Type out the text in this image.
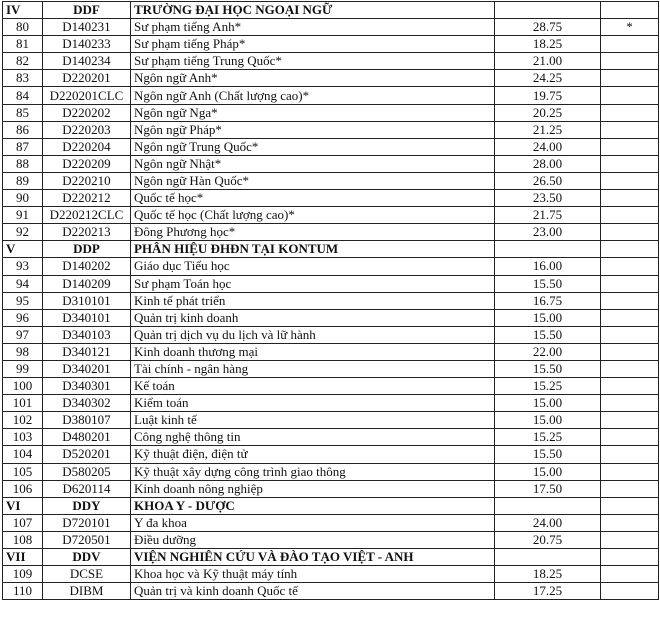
IV	DDF	TRƯỜNG ĐẠI HỌC NGOẠI NGỮ		
80	D140231	Sư phạm tiếng Anh*	28.75	*
81	D140233	Sư phạm tiếng Pháp*	18.25	
82	D140234	Sư phạm tiếng Trung Quốc*	21.00	
83	D220201	Ngôn ngữ Anh*	24.25	
84	D220201CLC	Ngôn ngữ Anh (Chất lượng cao)*	19.75	
85	D220202	Ngôn ngữ Nga*	20.25	
86	D220203	Ngôn ngữ Pháp*	21.25	
87	D220204	Ngôn ngữ Trung Quốc*	24.00	
88	D220209	Ngôn ngữ Nhật*	28.00	
89	D220210	Ngôn ngữ Hàn Quốc*	26.50	
90	D220212	Quốc tế học*	23.50	
91	D220212CLC	Quốc tế học (Chất lượng cao)*	21.75	
92	D220213	Đông Phương học*	23.00	
V	DDP	PHÂN HIỆU ĐHĐN TẠI KONTUM		
93	D140202	Giáo dục Tiểu học	16.00	
94	D140209	Sư phạm Toán học	15.50	
95	D310101	Kinh tế phát triển	16.75	
96	D340101	Quản trị kinh doanh	15.00	
97	D340103	Quản trị dịch vụ du lịch và lữ hành	15.50	
98	D340121	Kinh doanh thương mại	22.00	
99	D340201	Tài chính - ngân hàng	15.50	
100	D340301	Kế toán	15.25	
101	D340302	Kiểm toán	15.00	
102	D380107	Luật kinh tế	15.00	
103	D480201	Công nghệ thông tin	15.25	
104	D520201	Kỹ thuật điện, điện tử	15.50	
105	D580205	Kỹ thuật xây dựng công trình giao thông	15.00	
106	D620114	Kinh doanh nông nghiệp	17.50	
VI	DDY	KHOA Y - DƯỢC		
107	D720101	Y đa khoa	24.00	
108	D720501	Điều dưỡng	20.75	
VII	DDV	VIỆN NGHIÊN CỨU VÀ ĐÀO TẠO VIỆT - ANH		
109	DCSE	Khoa học và Kỹ thuật máy tính	18.25	
110	DIBM	Quản trị và kinh doanh Quốc tế	17.25	
